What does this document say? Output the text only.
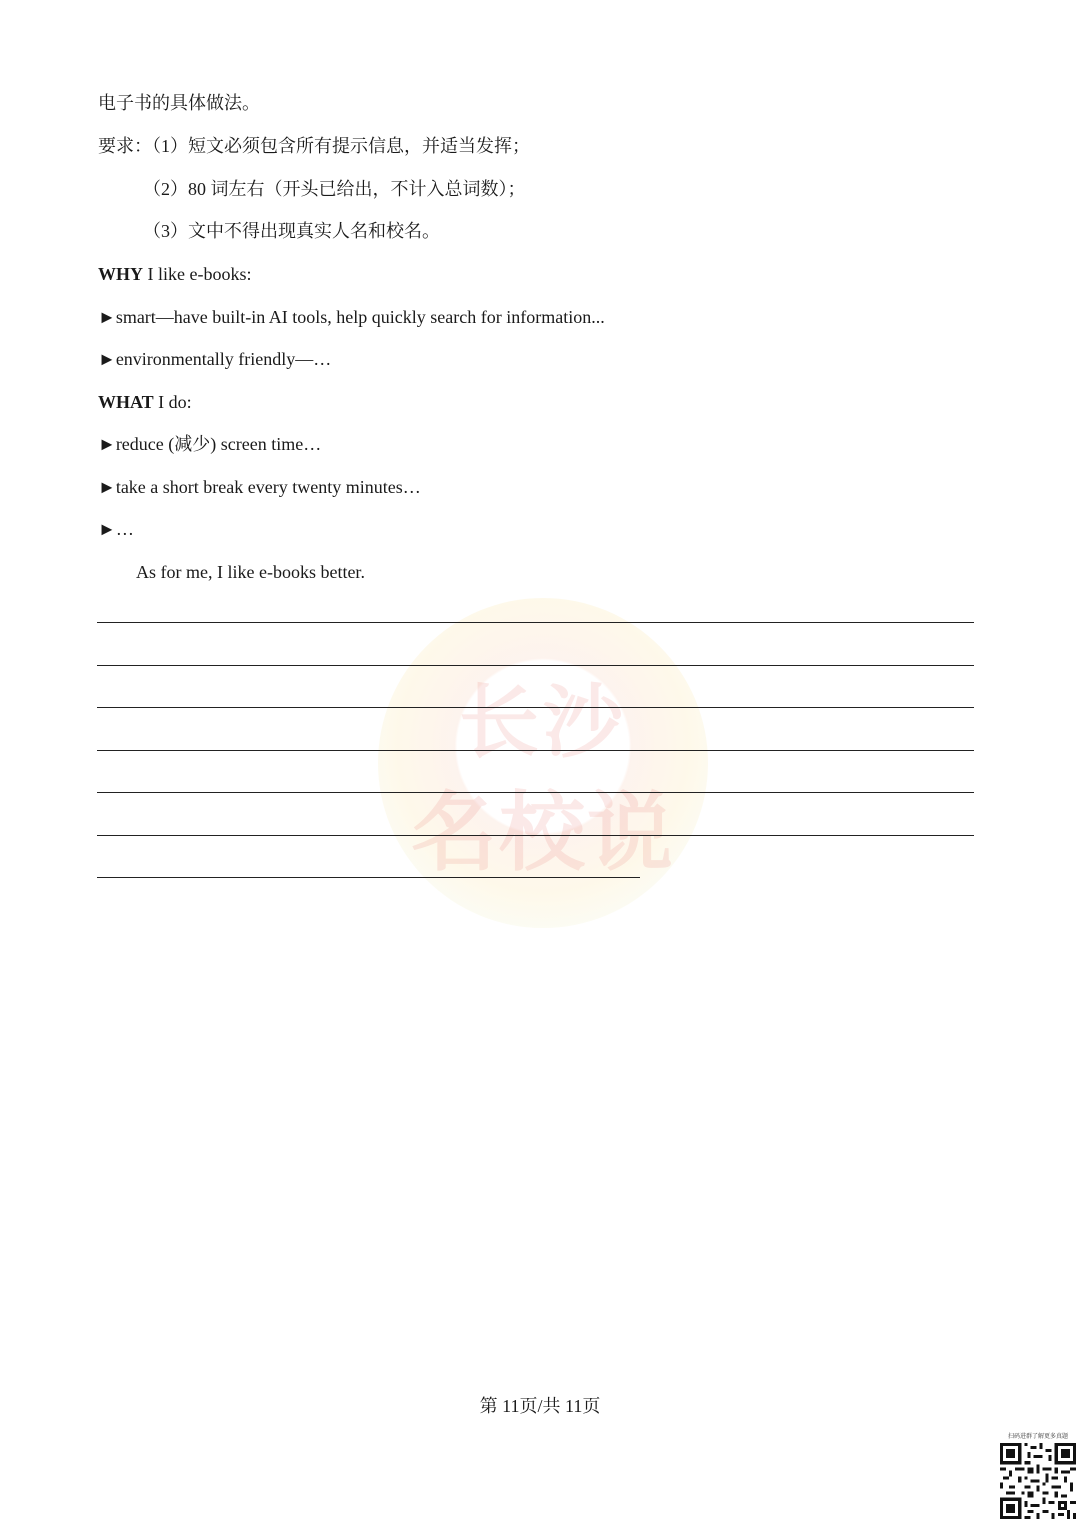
长沙
名校说
电子书的具体做法。
要求：（1）短文必须包含所有提示信息，并适当发挥；
（2）80 词左右（开头已给出，不计入总词数）；
（3）文中不得出现真实人名和校名。
WHY I like e-books:
►smart—have built-in AI tools, help quickly search for information...
►environmentally friendly—…
WHAT I do:
►reduce (减少) screen time…
►take a short break every twenty minutes…
►…
As for me, I like e-books better.
第 11页/共 11页
扫码进群了解更多真题
